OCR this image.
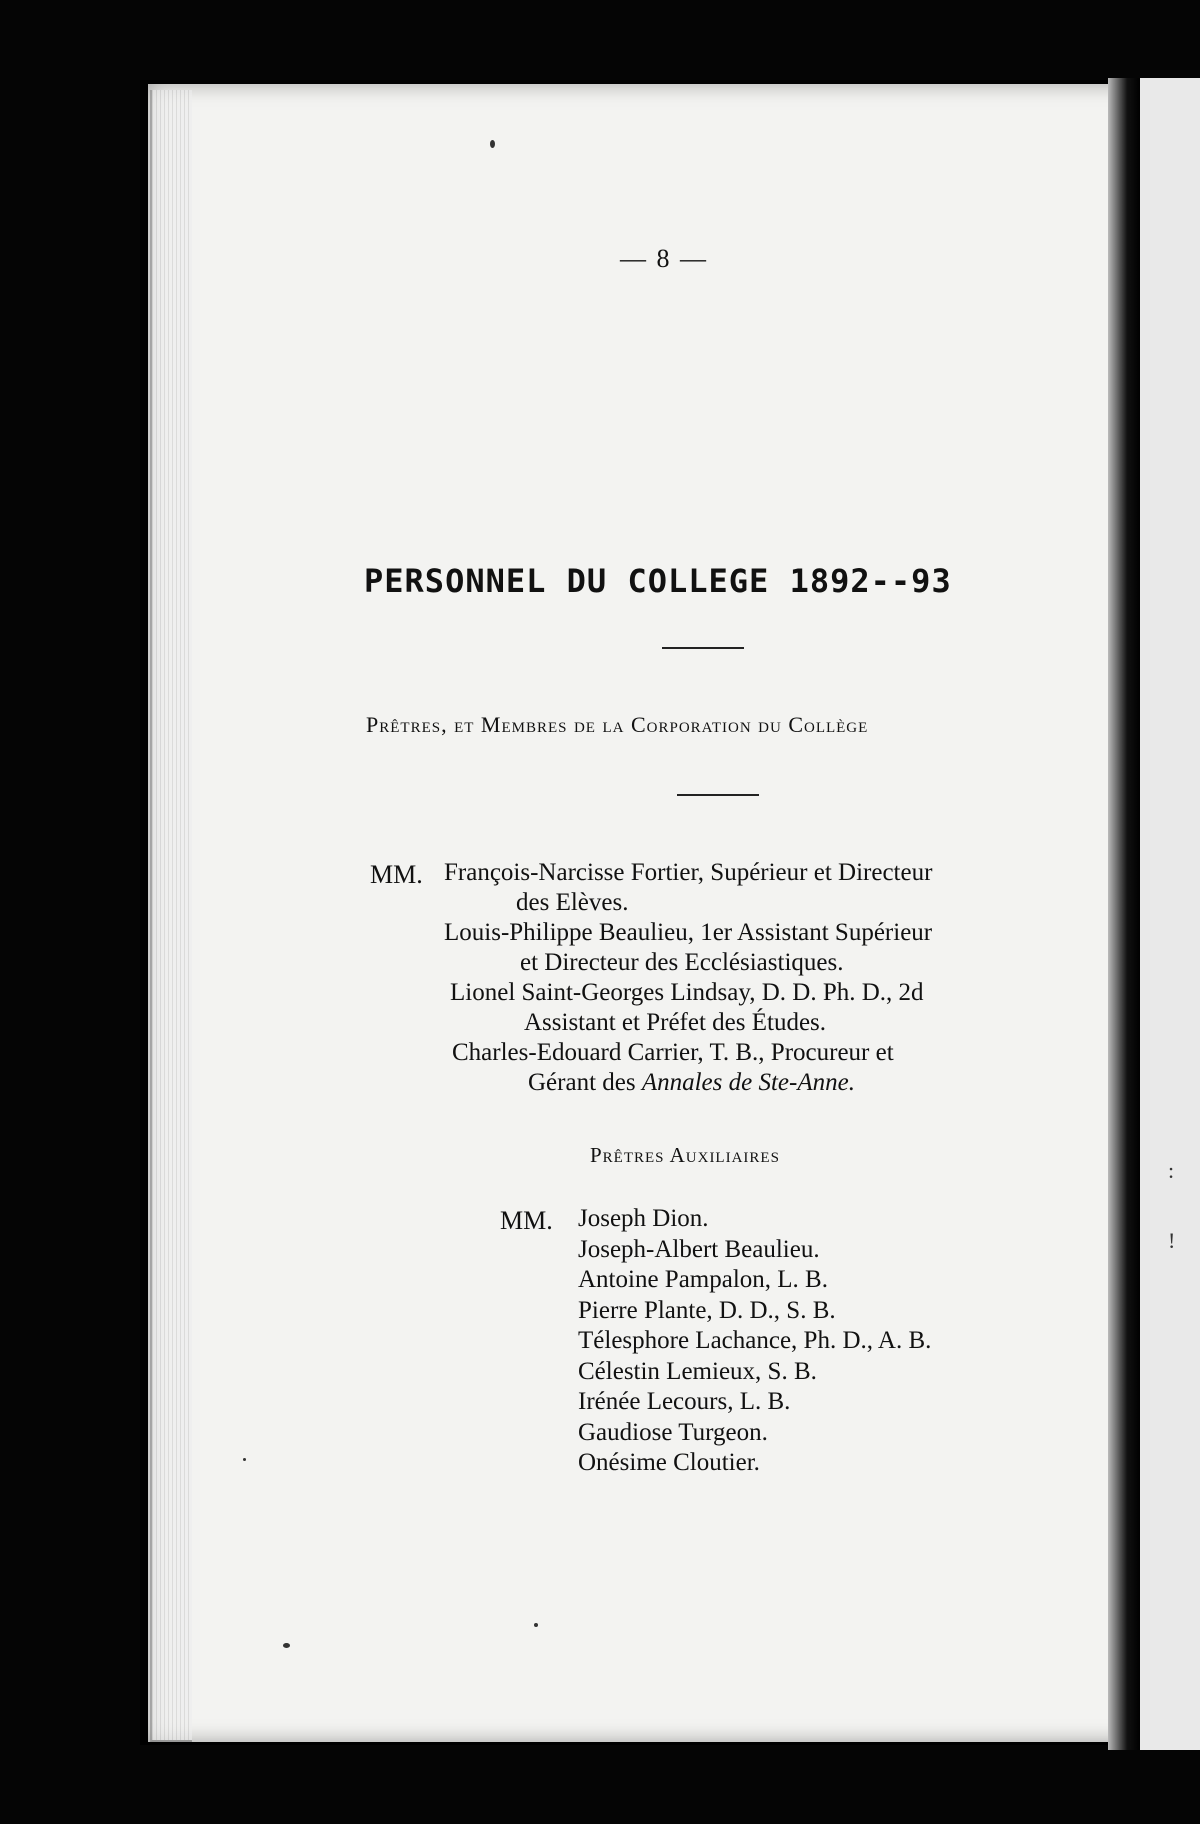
:
!
— 8 —
PERSONNEL DU COLLEGE 1892--93
Prêtres, et Membres de la Corporation du Collège
MM. François-Narcisse Fortier, Supérieur et Directeur
des Elèves.
Louis-Philippe Beaulieu, 1er Assistant Supérieur
et Directeur des Ecclésiastiques.
Lionel Saint-Georges Lindsay, D. D. Ph. D., 2d
Assistant et Préfet des Études.
Charles-Edouard Carrier, T. B., Procureur et
Gérant des Annales de Ste-Anne.
Prêtres Auxiliaires
MM. Joseph Dion.
Joseph-Albert Beaulieu.
Antoine Pampalon, L. B.
Pierre Plante, D. D., S. B.
Télesphore Lachance, Ph. D., A. B.
Célestin Lemieux, S. B.
Irénée Lecours, L. B.
Gaudiose Turgeon.
Onésime Cloutier.
